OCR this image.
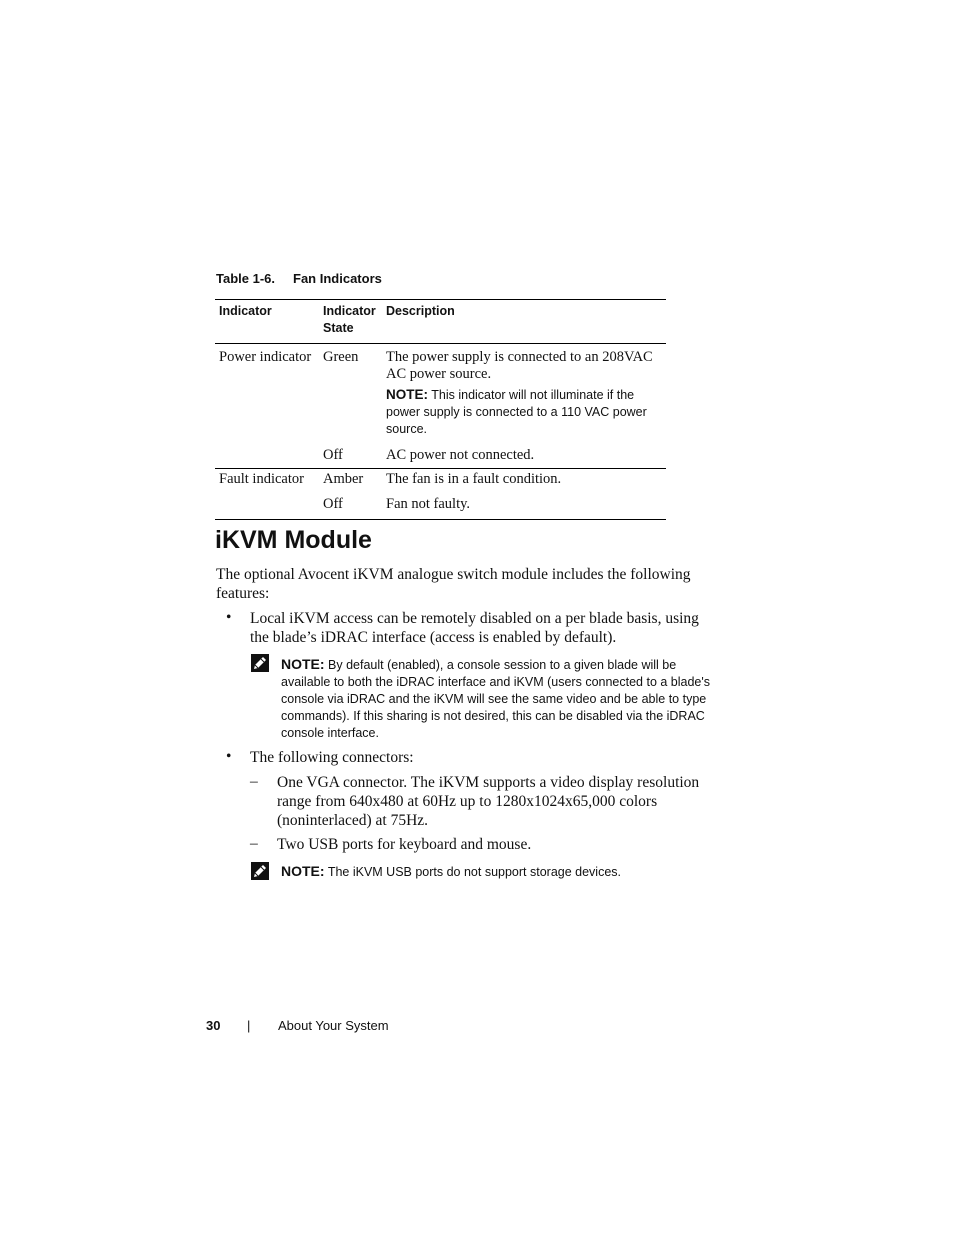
Table 1-6. Fan Indicators
Indicator	Indicator State	Description
Power indicator	Green	The power supply is connected to an 208VAC AC power source.
NOTE: This indicator will not illuminate if the power supply is connected to a 110 VAC power source.

	Off	AC power not connected.
Fault indicator	Amber	The fan is in a fault condition.
	Off	Fan not faulty.
iKVM Module
The optional Avocent iKVM analogue switch module includes the following features:
• Local iKVM access can be remotely disabled on a per blade basis, using the blade’s iDRAC interface (access is enabled by default).
NOTE: By default (enabled), a console session to a given blade will be available to both the iDRAC interface and iKVM (users connected to a blade's console via iDRAC and the iKVM will see the same video and be able to type commands). If this sharing is not desired, this can be disabled via the iDRAC console interface.
• The following connectors:
– One VGA connector. The iKVM supports a video display resolution range from 640x480 at 60Hz up to 1280x1024x65,000 colors (noninterlaced) at 75Hz.
– Two USB ports for keyboard and mouse.
NOTE: The iKVM USB ports do not support storage devices.
30 | About Your System
